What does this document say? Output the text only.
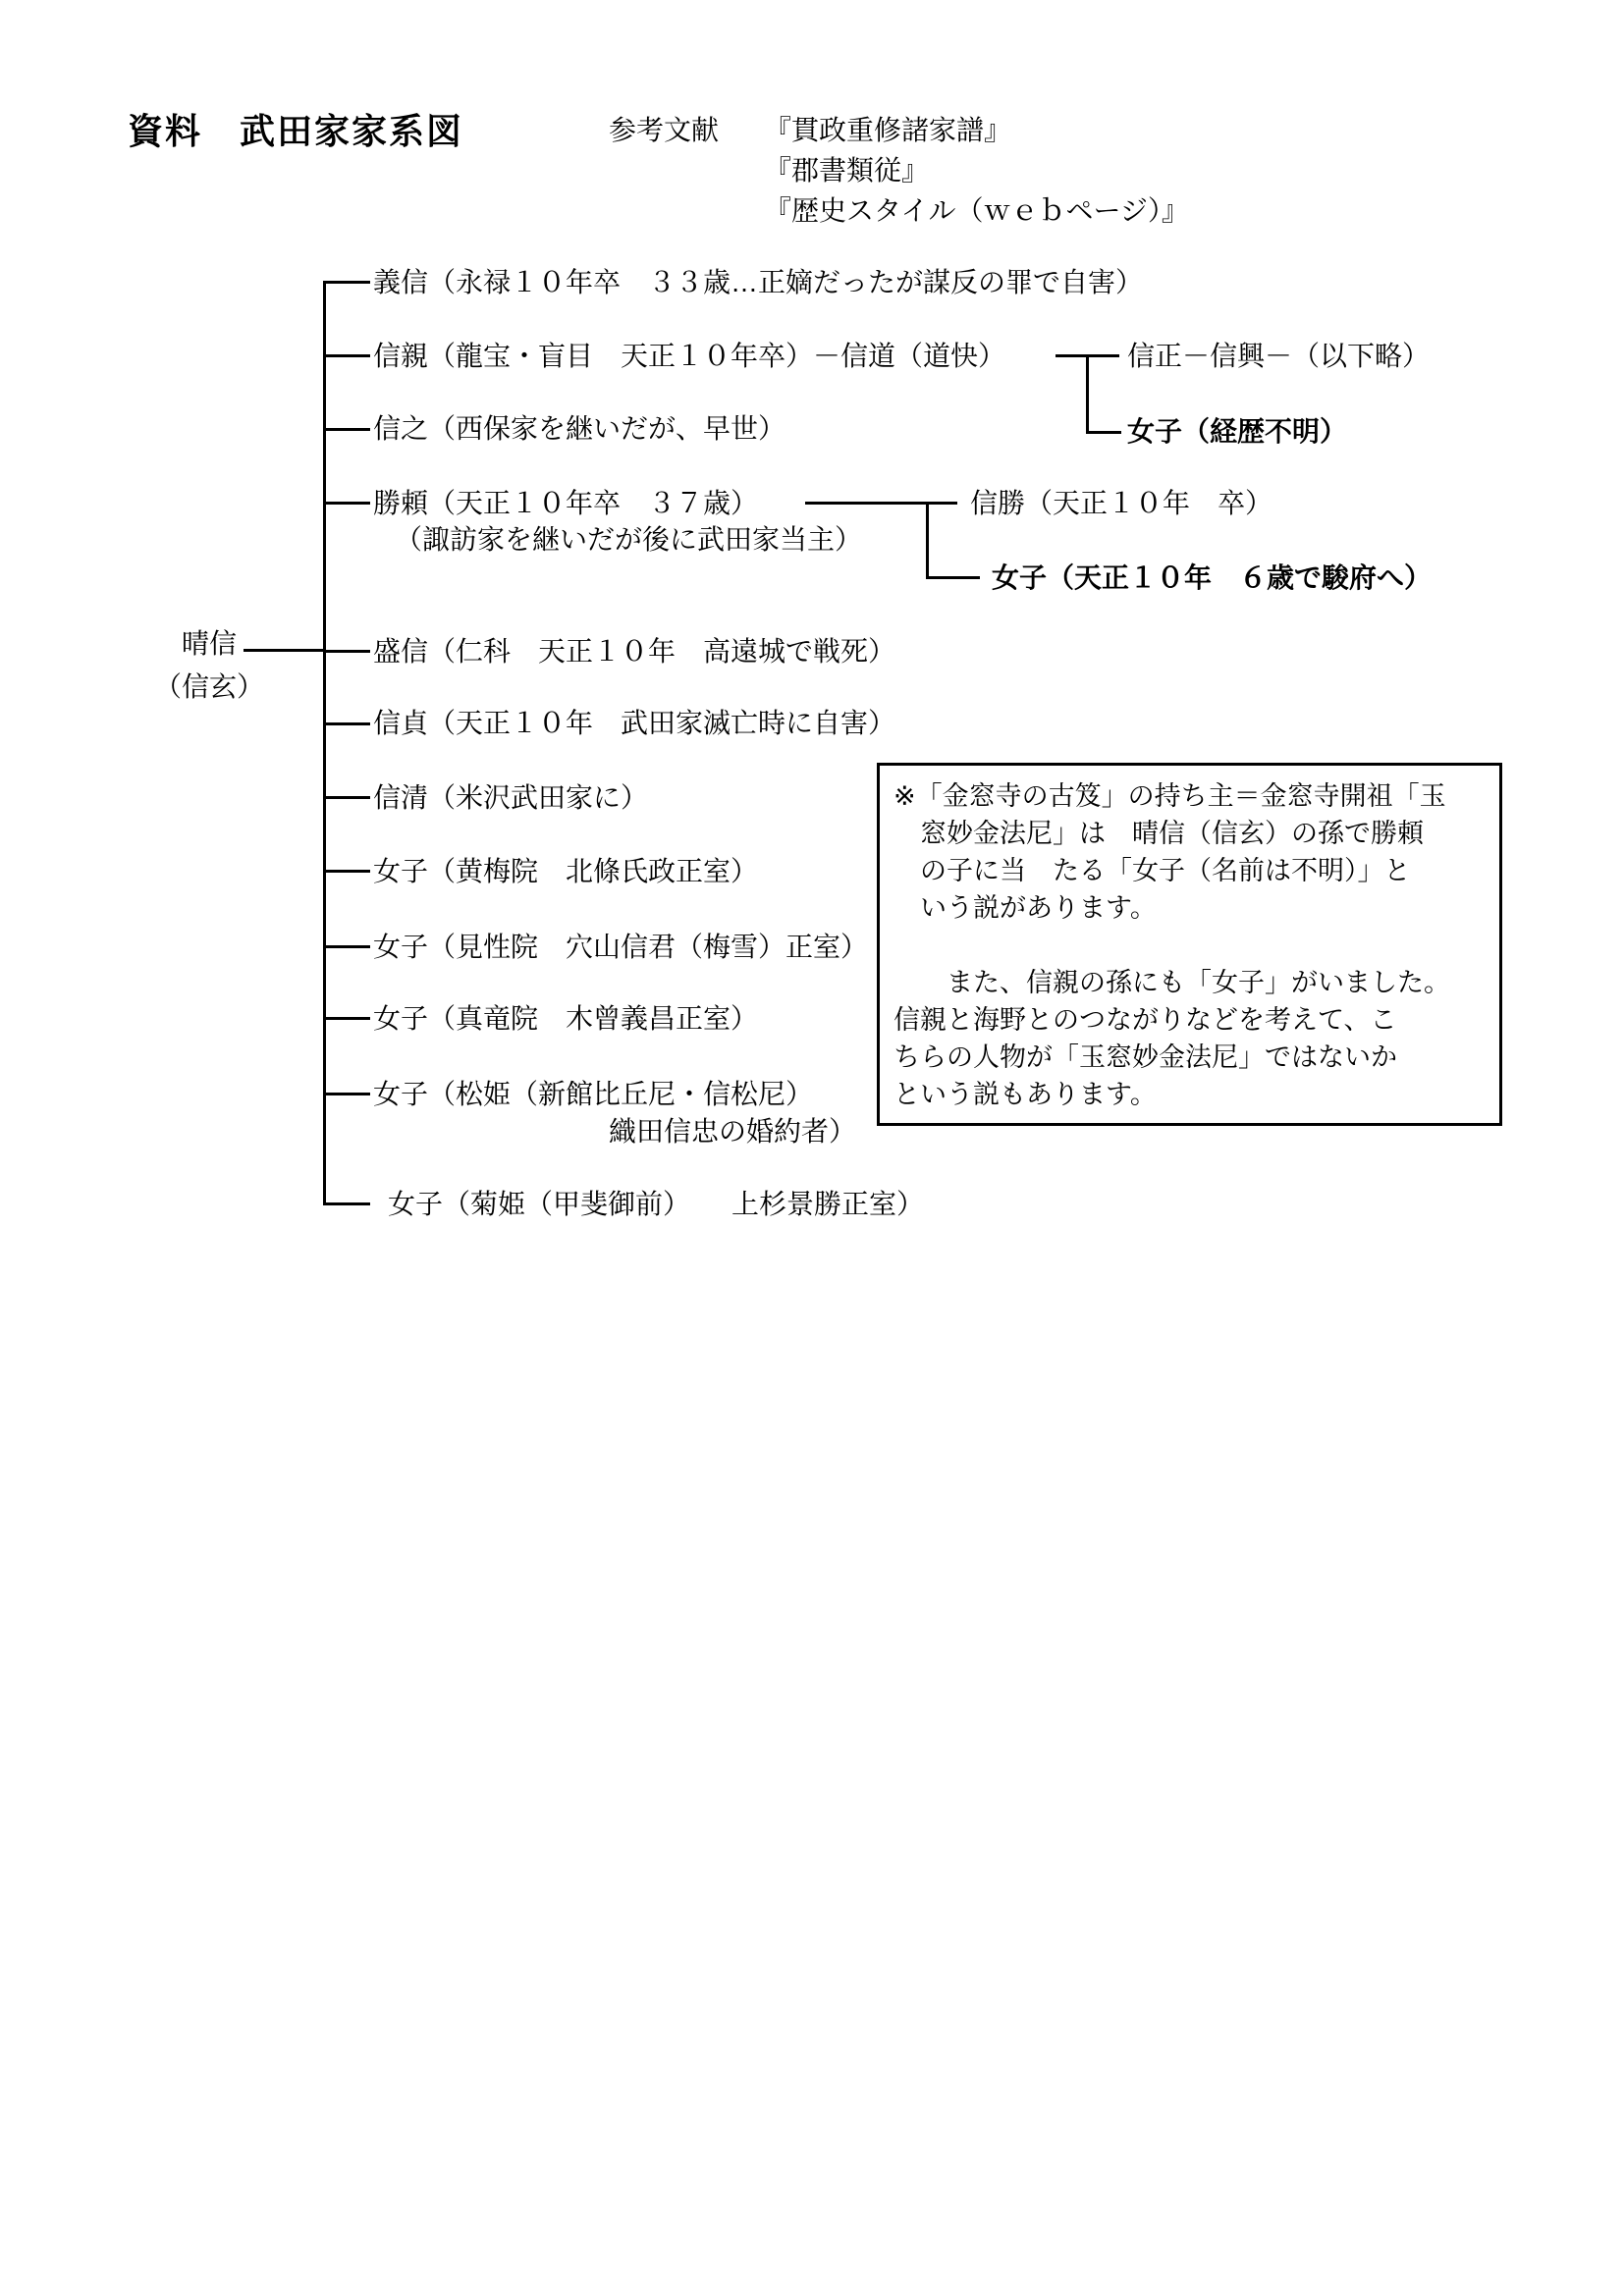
資料　武田家家系図	参考文献 『貫政重修諸家譜』
『郡書類従』
『歴史スタイル（ｗｅｂページ）』
晴信
（信玄）
義信（永禄１０年卒　３３歳…正嫡だったが謀反の罪で自害）
信親（龍宝・盲目　天正１０年卒）－信道（道快）
信之（西保家を継いだが、早世）
勝頼（天正１０年卒　３７歳）
（諏訪家を継いだが後に武田家当主）
盛信（仁科　天正１０年　高遠城で戦死）
信貞（天正１０年　武田家滅亡時に自害）
信清（米沢武田家に）
女子（黄梅院　北條氏政正室）
女子（見性院　穴山信君（梅雪）正室）
女子（真竜院　木曾義昌正室）
女子（松姫（新館比丘尼・信松尼）
織田信忠の婚約者）
女子（菊姫（甲斐御前）　　上杉景勝正室）
信正－信興－（以下略）
女子（経歴不明）
信勝（天正１０年　卒）
女子（天正１０年　６歳で駿府へ）
※「金窓寺の古笈」の持ち主＝金窓寺開祖「玉
　窓妙金法尼」は　晴信（信玄）の孫で勝頼
　の子に当　たる「女子（名前は不明）」と
　いう説があります。
　　また、信親の孫にも「女子」がいました。
信親と海野とのつながりなどを考えて、こ
ちらの人物が「玉窓妙金法尼」ではないか
という説もあります。
